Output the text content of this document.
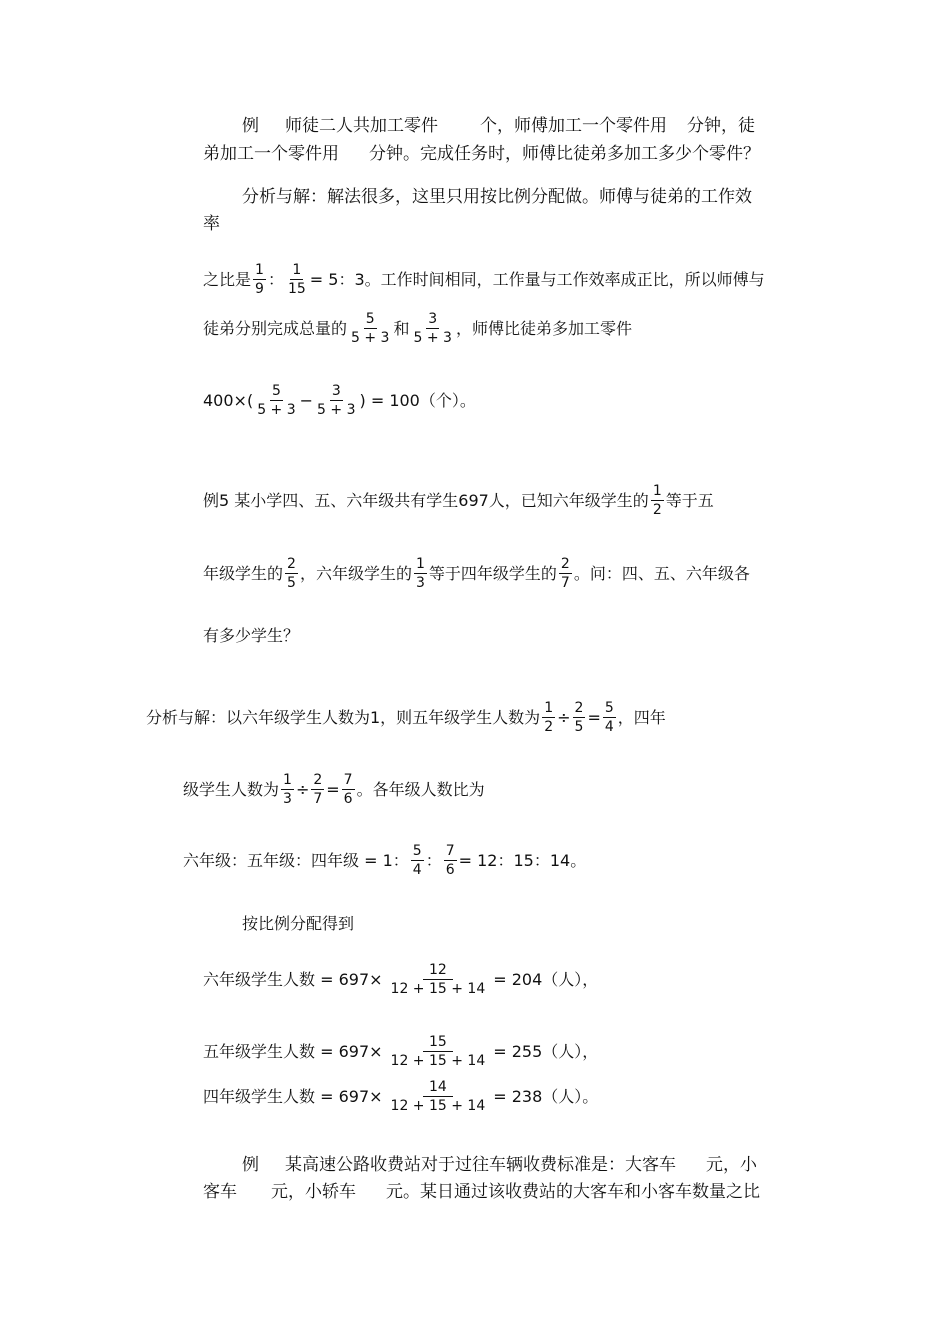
例 师徒二人共加工零件 个，师傅加工一个零件用 分钟，徒
弟加工一个零件用 分钟。完成任务时，师傅比徒弟多加工多少个零件？
分析与解：解法很多，这里只用按比例分配做。师傅与徒弟的工作效
率
之比是 $\frac{1}{9}$ ： $\frac{1}{15} = 5$：3。工作时间相同，工作量与工作效率成正比，所以师傅与
徒弟分别完成总量的 $\frac{5}{5 + 3}$ 和 $\frac{3}{5 + 3}$ ，师傅比徒弟多加工零件
$400\times( \frac{5}{5 + 3} - \frac{3}{5 + 3}$ ) = 100（个）。
例5 某小学四、五、六年级共有学生697人，已知六年级学生的 $\frac{1}{2}$ 等于五
年级学生的 $\frac{2}{5}$ ，六年级学生的 $\frac{1}{3}$ 等于四年级学生的 $\frac{2}{7}$ 。问：四、五、六年级各
有多少学生？
分析与解：以六年级学生人数为1，则五年级学生人数为 $\frac{1}{2} \div \frac{2}{5} = \frac{5}{4}$ ，四年
级学生人数为 $\frac{1}{3} \div \frac{2}{7} = \frac{7}{6}$ 。各年级人数比为
六年级：五年级：四年级 = 1： $\frac{5}{4}$ ： $\frac{7}{6} = 12$：15：14。
按比例分配得到
六年级学生人数 = $697\times \frac{12}{12 + 15 + 14} = 204$（人），
五年级学生人数 = $697\times \frac{15}{12 + 15 + 14} = 255$（人），
四年级学生人数 = $697\times \frac{14}{12 + 15 + 14} = 238$（人）。
例 某高速公路收费站对于过往车辆收费标准是：大客车 元，小
客车 元，小轿车 元。某日通过该收费站的大客车和小客车数量之比
